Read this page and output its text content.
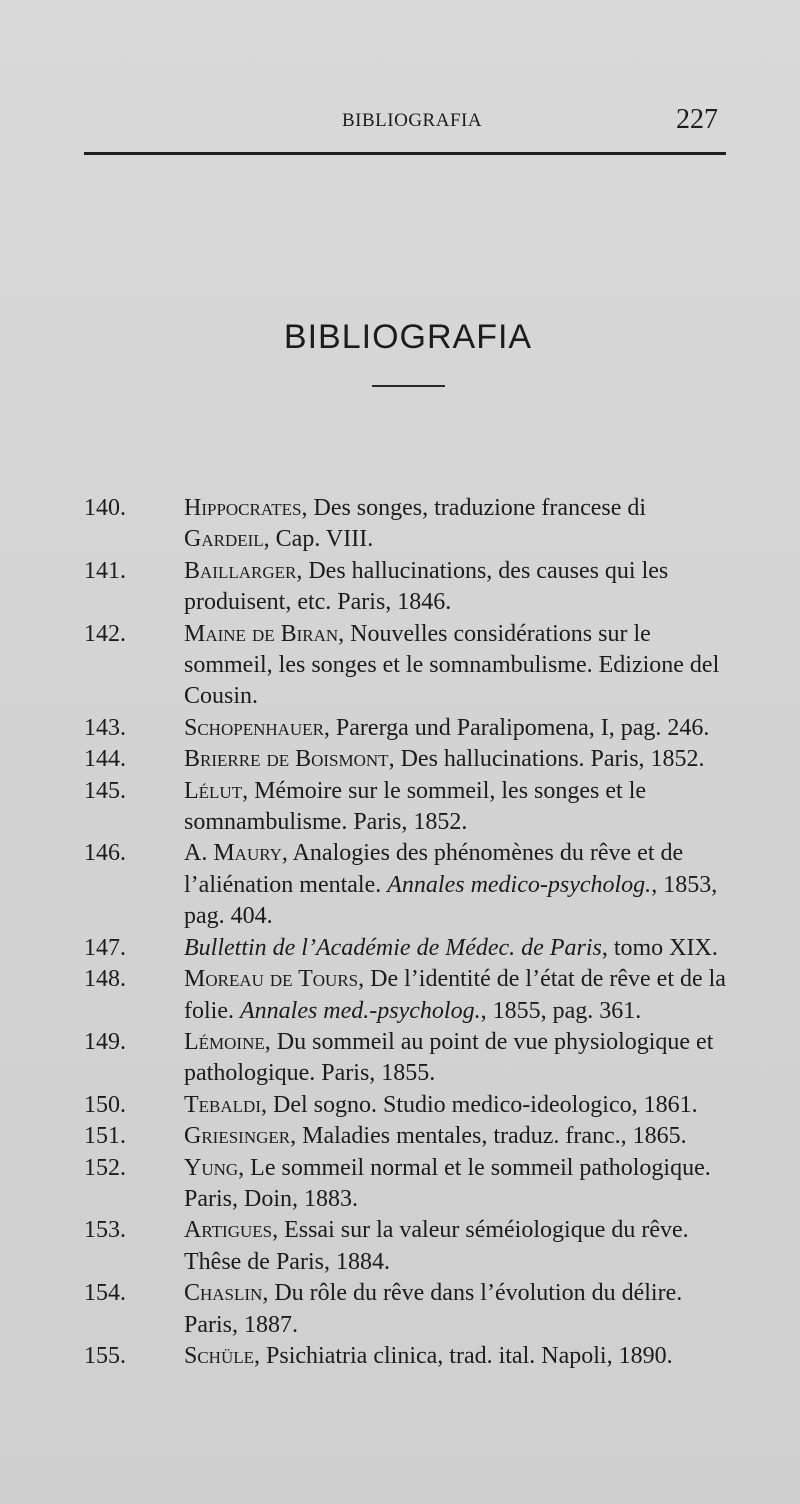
BIBLIOGRAFIA	227
BIBLIOGRAFIA
140. Hippocrates, Des songes, traduzione francese di Gardeil, Cap. VIII.
141. Baillarger, Des hallucinations, des causes qui les produisent, etc. Paris, 1846.
142. Maine de Biran, Nouvelles considérations sur le sommeil, les songes et le somnambulisme. Edizione del Cousin.
143. Schopenhauer, Parerga und Paralipomena, I, pag. 246.
144. Brierre de Boismont, Des hallucinations. Paris, 1852.
145. Lélut, Mémoire sur le sommeil, les songes et le somnambulisme. Paris, 1852.
146. A. Maury, Analogies des phénomènes du rêve et de l’aliénation mentale. Annales medico-psycholog., 1853, pag. 404.
147. Bullettin de l’Académie de Médec. de Paris, tomo XIX.
148. Moreau de Tours, De l’identité de l’état de rêve et de la folie. Annales med.-psycholog., 1855, pag. 361.
149. Lémoine, Du sommeil au point de vue physiologique et pathologique. Paris, 1855.
150. Tebaldi, Del sogno. Studio medico-ideologico, 1861.
151. Griesinger, Maladies mentales, traduz. franc., 1865.
152. Yung, Le sommeil normal et le sommeil pathologique. Paris, Doin, 1883.
153. Artigues, Essai sur la valeur séméiologique du rêve. Thêse de Paris, 1884.
154. Chaslin, Du rôle du rêve dans l’évolution du délire. Paris, 1887.
155. Schüle, Psichiatria clinica, trad. ital. Napoli, 1890.
